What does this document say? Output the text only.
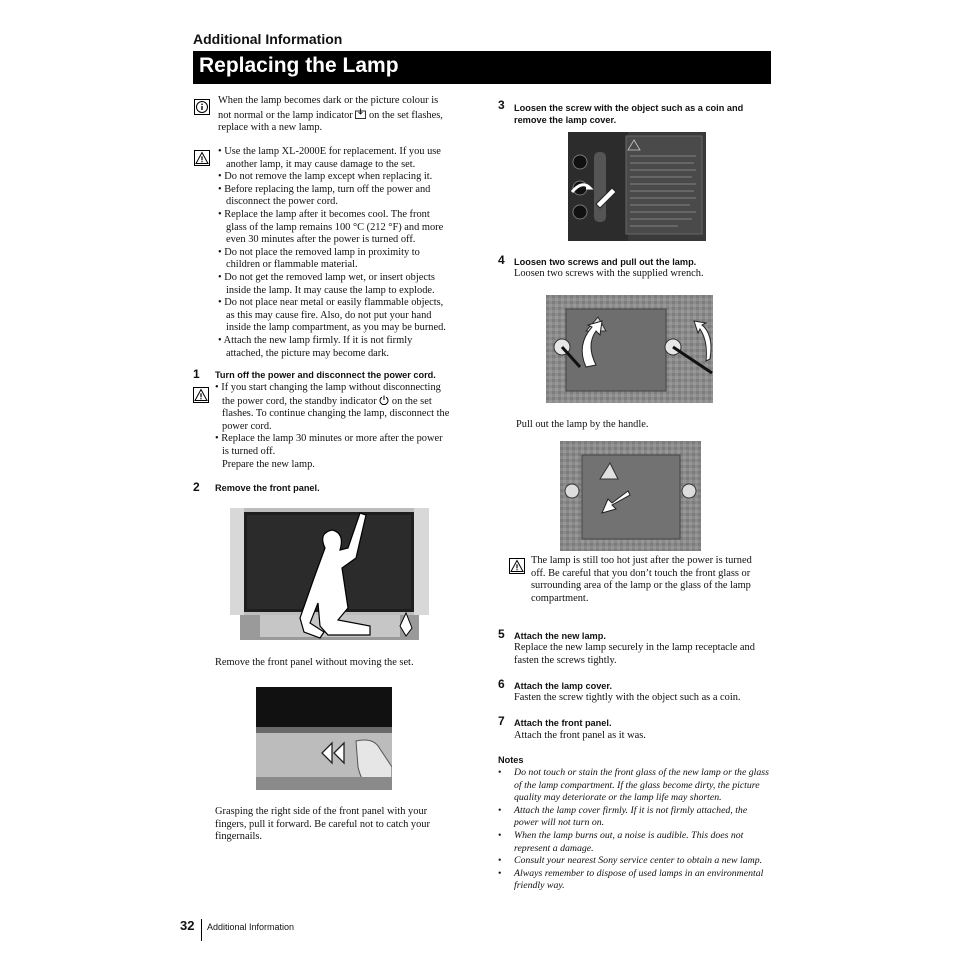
Additional Information
Replacing the Lamp
When the lamp becomes dark or the picture colour is
not normal or the lamp indicator on the set flashes,
replace with a new lamp.
• Use the lamp XL-2000E for replacement. If you use
another lamp, it may cause damage to the set.
• Do not remove the lamp except when replacing it.
• Before replacing the lamp, turn off the power and
disconnect the power cord.
• Replace the lamp after it becomes cool. The front
glass of the lamp remains 100 °C (212 °F) and more
even 30 minutes after the power is turned off.
• Do not place the removed lamp in proximity to
children or flammable material.
• Do not get the removed lamp wet, or insert objects
inside the lamp. It may cause the lamp to explode.
• Do not place near metal or easily flammable objects,
as this may cause fire. Also, do not put your hand
inside the lamp compartment, as you may be burned.
• Attach the new lamp firmly. If it is not firmly
attached, the picture may become dark.
1 Turn off the power and disconnect the power cord.
• If you start changing the lamp without disconnecting
the power cord, the standby indicator on the set
flashes. To continue changing the lamp, disconnect the
power cord.
• Replace the lamp 30 minutes or more after the power
is turned off.
Prepare the new lamp.
2 Remove the front panel.
Remove the front panel without moving the set.
Grasping the right side of the front panel with your
fingers, pull it forward. Be careful not to catch your
fingernails.
3 Loosen the screw with the object such as a coin and
remove the lamp cover.
4 Loosen two screws and pull out the lamp.
Loosen two screws with the supplied wrench.
Pull out the lamp by the handle.
The lamp is still too hot just after the power is turned
off. Be careful that you don’t touch the front glass or
surrounding area of the lamp or the glass of the lamp
compartment.
5 Attach the new lamp.
Replace the new lamp securely in the lamp receptacle and
fasten the screws tightly.
6 Attach the lamp cover.
Fasten the screw tightly with the object such as a coin.
7 Attach the front panel.
Attach the front panel as it was.
Notes
• Do not touch or stain the front glass of the new lamp or the glass
of the lamp compartment. If the glass become dirty, the picture
quality may deteriorate or the lamp life may shorten.
• Attach the lamp cover firmly. If it is not firmly attached, the
power will not turn on.
• When the lamp burns out, a noise is audible. This does not
represent a damage.
• Consult your nearest Sony service center to obtain a new lamp.
• Always remember to dispose of used lamps in an environmental
friendly way.
32 Additional Information
